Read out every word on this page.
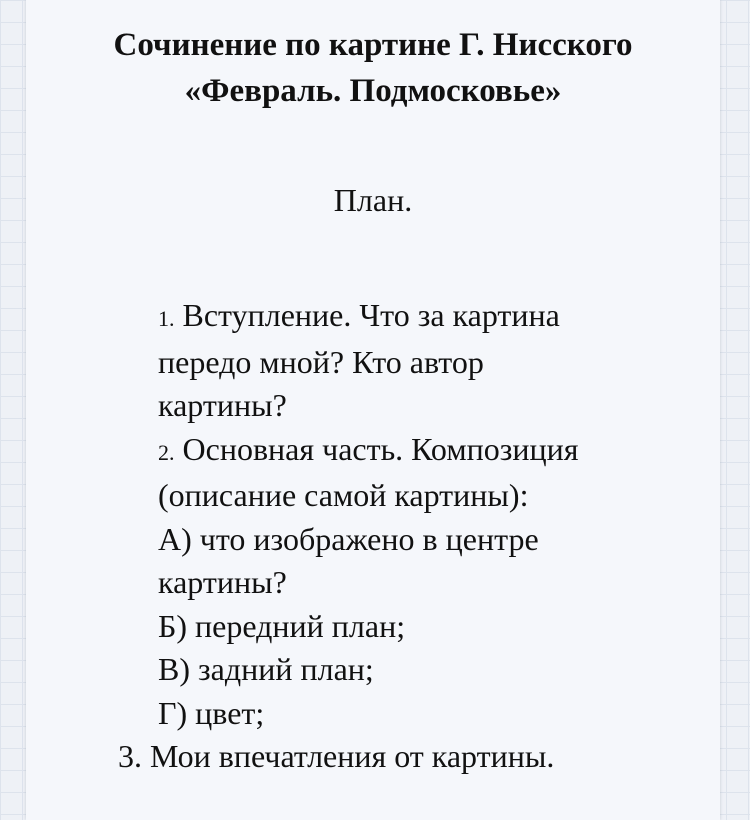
Сочинение по картине Г. Нисского
«Февраль. Подмосковье»

План.

1. Вступление. Что за картина
передо мной? Кто автор
картины?
2. Основная часть. Композиция
(описание самой картины):
А) что изображено в центре
картины?
Б) передний план;
В) задний план;
Г) цвет;
3. Мои впечатления от картины.
